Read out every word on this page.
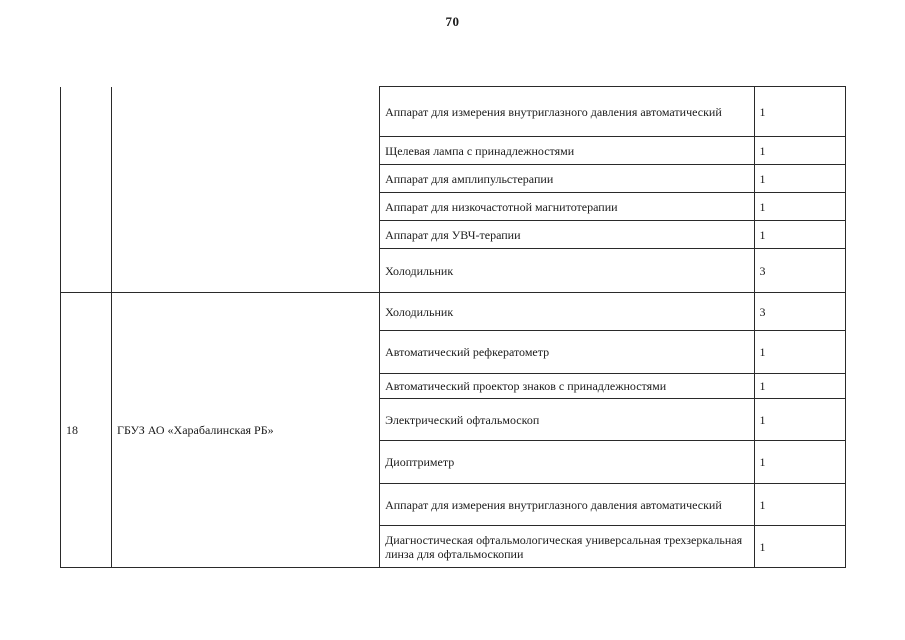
70
		Аппарат для измерения внутриглазного давления автоматический	1
		Щелевая лампа с принадлежностями	1
		Аппарат для амплипульстерапии	1
		Аппарат для низкочастотной магнитотерапии	1
		Аппарат для УВЧ-терапии	1
		Холодильник	3
18	ГБУЗ АО «Харабалинская РБ»	Холодильник	3
		Автоматический рефкератометр	1
		Автоматический проектор знаков с принадлежностями	1
		Электрический офтальмоскоп	1
		Диоптриметр	1
		Аппарат для измерения внутриглазного давления автоматический	1
		Диагностическая офтальмологическая универсальная трехзеркальная линза для офтальмоскопии	1
